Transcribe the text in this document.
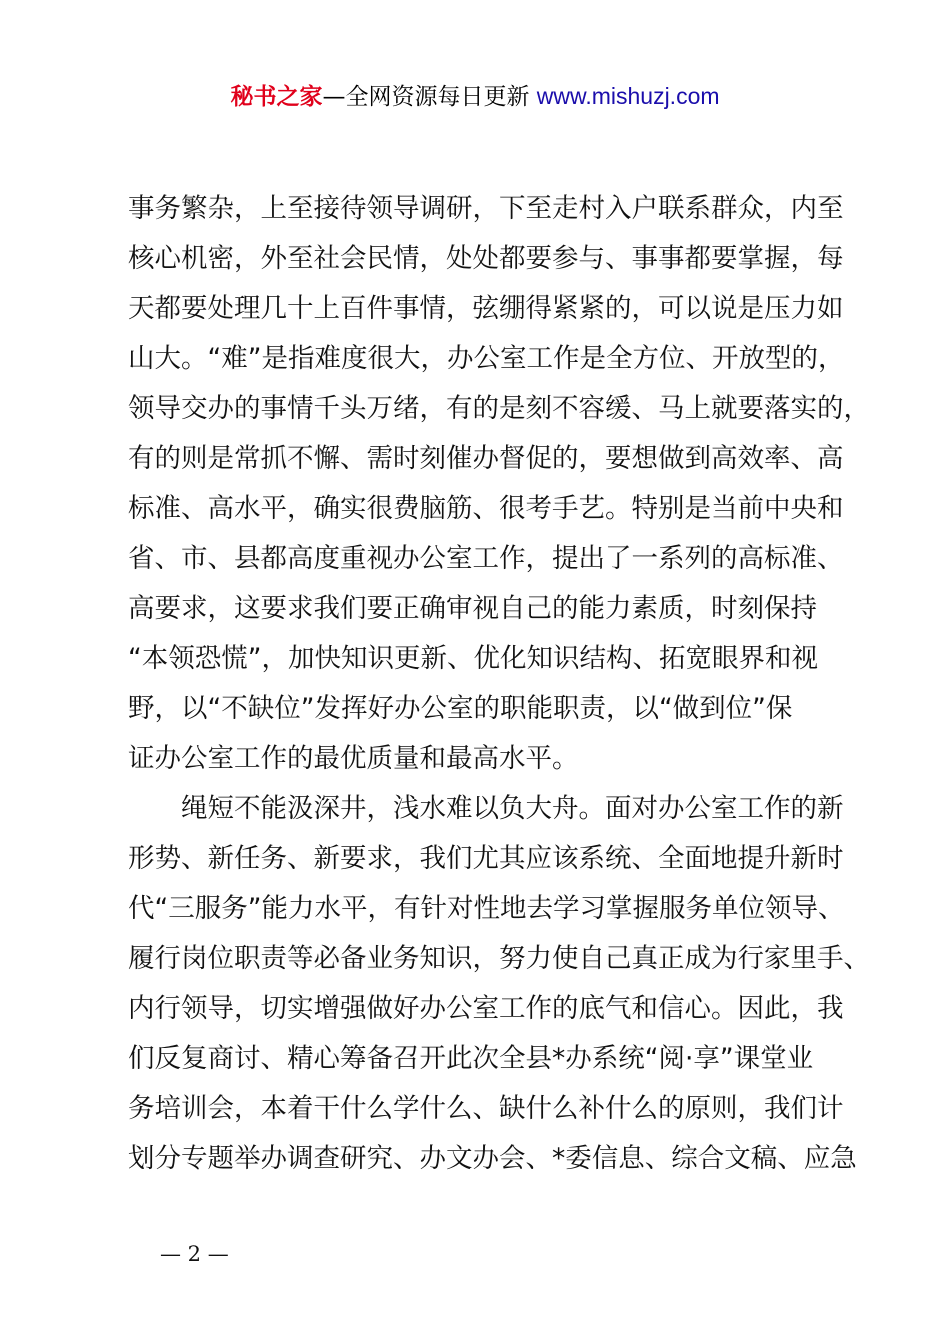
秘书之家—全网资源每日更新 www.mishuzj.com
事务繁杂，上至接待领导调研，下至走村入户联系群众，内至
核心机密，外至社会民情，处处都要参与、事事都要掌握，每
天都要处理几十上百件事情，弦绷得紧紧的，可以说是压力如
山大。“难”是指难度很大，办公室工作是全方位、开放型的，
领导交办的事情千头万绪，有的是刻不容缓、马上就要落实的，
有的则是常抓不懈、需时刻催办督促的，要想做到高效率、高
标准、高水平，确实很费脑筋、很考手艺。特别是当前中央和
省、市、县都高度重视办公室工作，提出了一系列的高标准、
高要求，这要求我们要正确审视自己的能力素质，时刻保持
“本领恐慌”，加快知识更新、优化知识结构、拓宽眼界和视
野，以“不缺位”发挥好办公室的职能职责，以“做到位”保
证办公室工作的最优质量和最高水平。
　　绳短不能汲深井，浅水难以负大舟。面对办公室工作的新
形势、新任务、新要求，我们尤其应该系统、全面地提升新时
代“三服务”能力水平，有针对性地去学习掌握服务单位领导、
履行岗位职责等必备业务知识，努力使自己真正成为行家里手、
内行领导，切实增强做好办公室工作的底气和信心。因此，我
们反复商讨、精心筹备召开此次全县*办系统“阅·享”课堂业
务培训会，本着干什么学什么、缺什么补什么的原则，我们计
划分专题举办调查研究、办文办会、*委信息、综合文稿、应急
— 2 —
